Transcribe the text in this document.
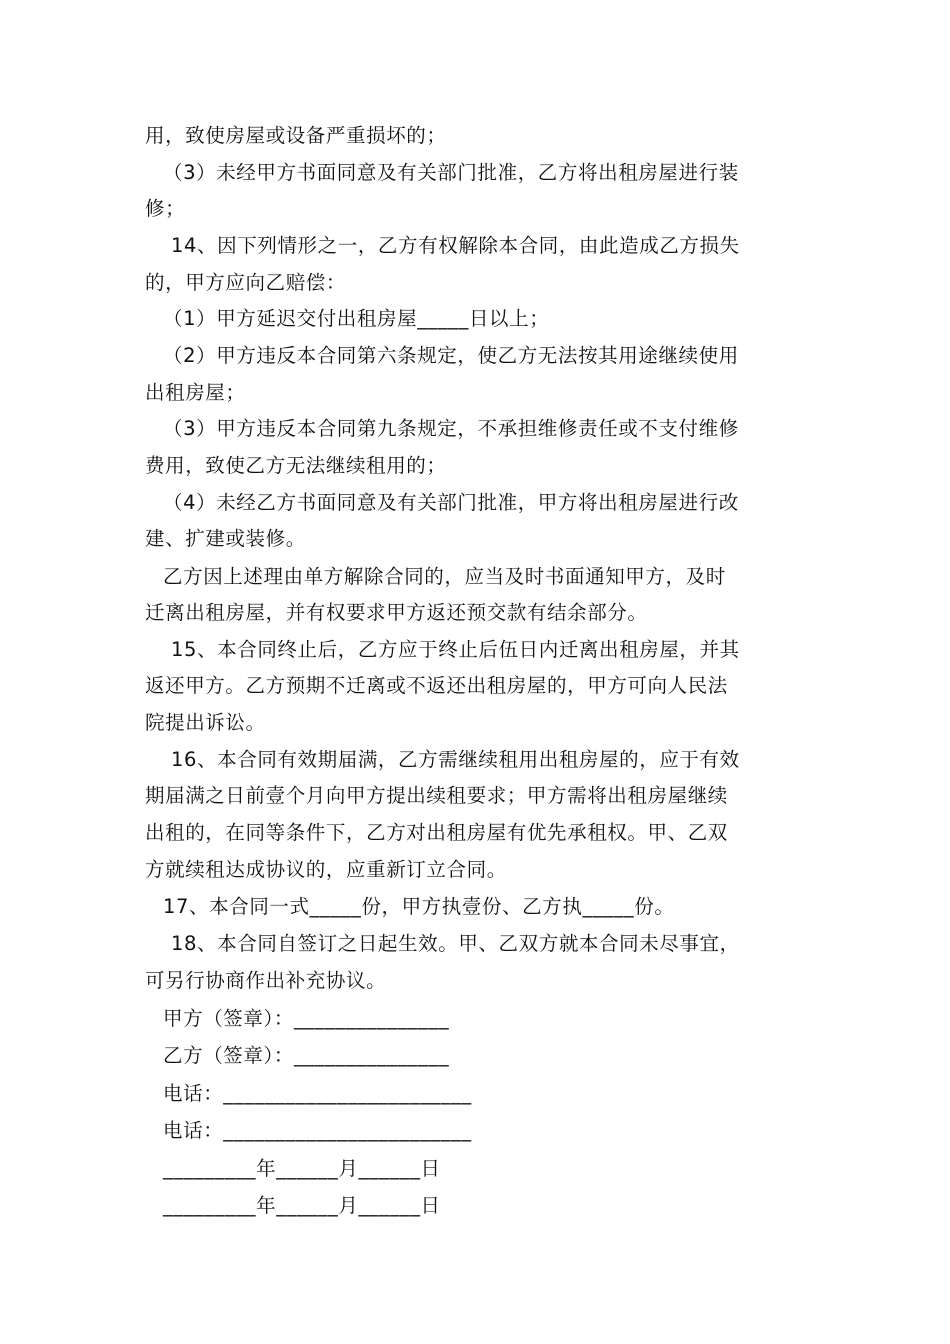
用，致使房屋或设备严重损坏的；
（3）未经甲方书面同意及有关部门批准，乙方将出租房屋进行装
修；
14、因下列情形之一，乙方有权解除本合同，由此造成乙方损失
的，甲方应向乙赔偿：
（1）甲方延迟交付出租房屋_____日以上；
（2）甲方违反本合同第六条规定，使乙方无法按其用途继续使用
出租房屋；
（3）甲方违反本合同第九条规定，不承担维修责任或不支付维修
费用，致使乙方无法继续租用的；
（4）未经乙方书面同意及有关部门批准，甲方将出租房屋进行改
建、扩建或装修。
乙方因上述理由单方解除合同的，应当及时书面通知甲方，及时
迁离出租房屋，并有权要求甲方返还预交款有结余部分。
15、本合同终止后，乙方应于终止后伍日内迁离出租房屋，并其
返还甲方。乙方预期不迁离或不返还出租房屋的，甲方可向人民法
院提出诉讼。
16、本合同有效期届满，乙方需继续租用出租房屋的，应于有效
期届满之日前壹个月向甲方提出续租要求；甲方需将出租房屋继续
出租的，在同等条件下，乙方对出租房屋有优先承租权。甲、乙双
方就续租达成协议的，应重新订立合同。
17、本合同一式_____份，甲方执壹份、乙方执_____份。
18、本合同自签订之日起生效。甲、乙双方就本合同未尽事宜，
可另行协商作出补充协议。
甲方（签章）：_______________
乙方（签章）：_______________
电话：________________________
电话：________________________
_________年______月______日
_________年______月______日
